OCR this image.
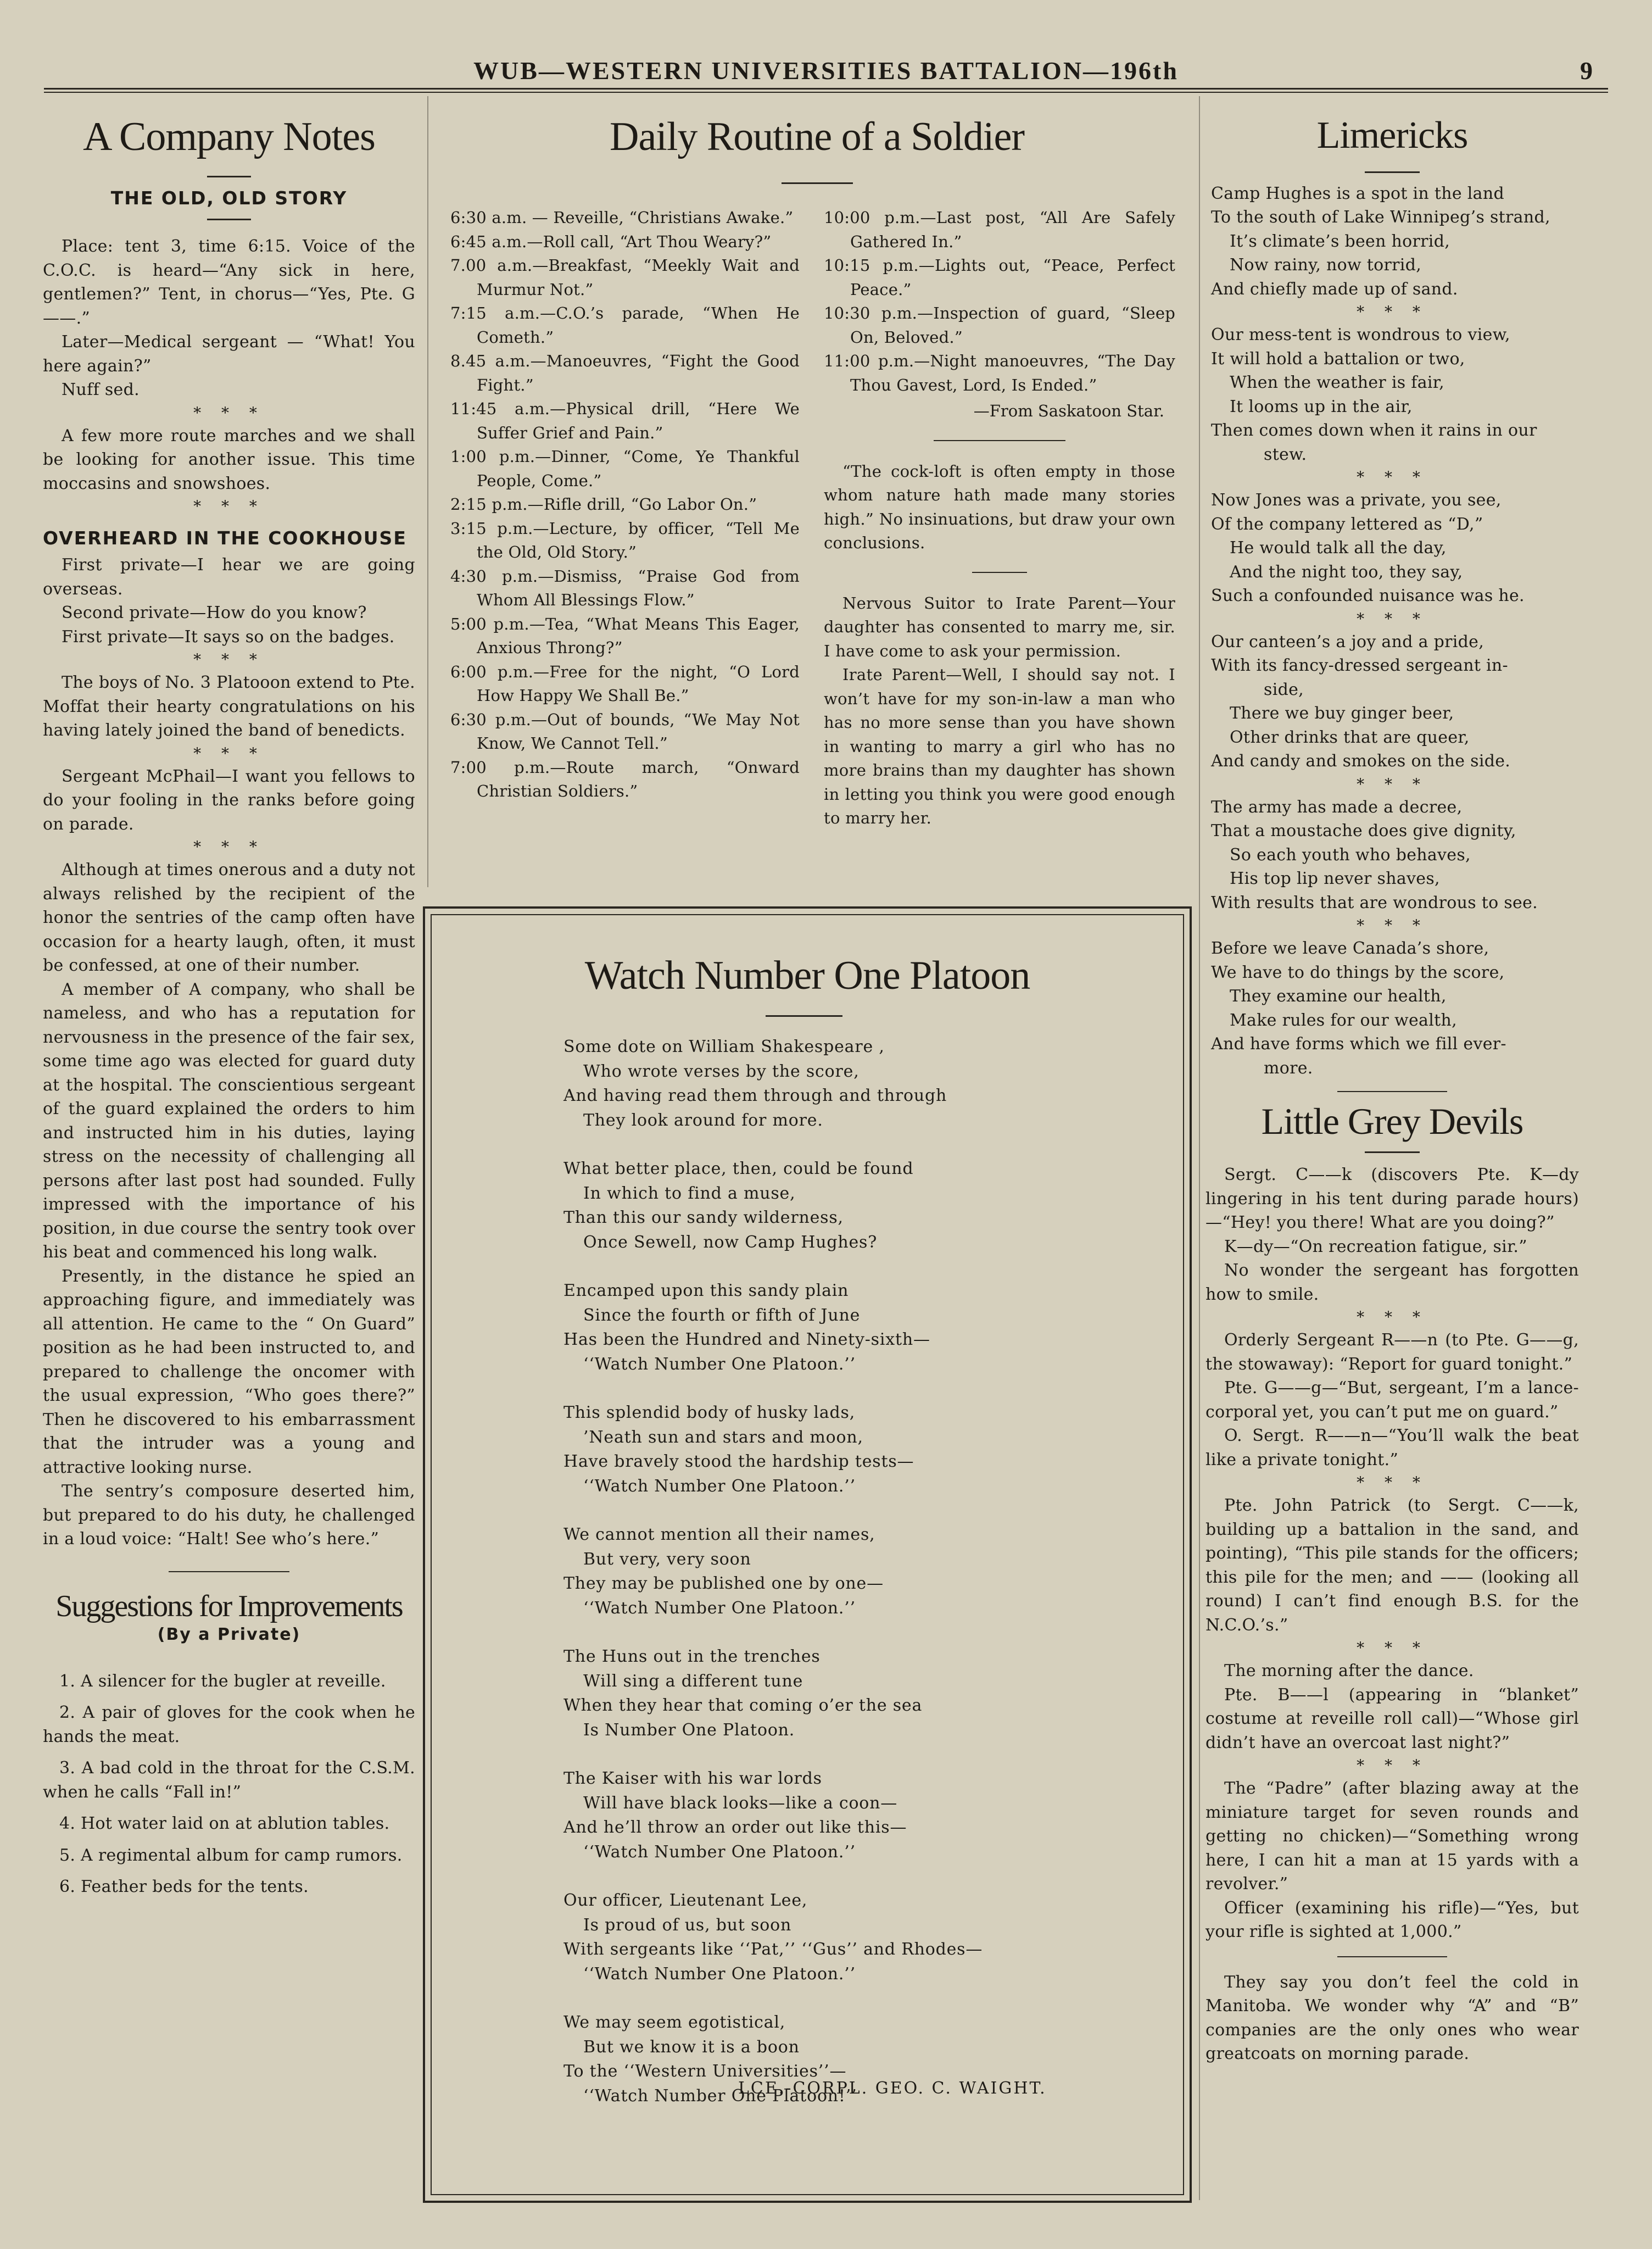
WUB—WESTERN UNIVERSITIES BATTALION—196th	9
A Company Notes
THE OLD, OLD STORY

Place: tent 3, time 6:15. Voice of the C.O.C. is heard—“Any sick in here, gentlemen?” Tent, in chorus—“Yes, Pte. G——.”

Later—Medical sergeant — “What! You here again?”

Nuff sed.

* * *

A few more route marches and we shall be looking for another issue. This time moccasins and snowshoes.

* * *
OVERHEARD IN THE COOKHOUSE

First private—I hear we are going overseas.

Second private—How do you know?

First private—It says so on the badges.

* * *

The boys of No. 3 Platooon extend to Pte. Moffat their hearty congratulations on his having lately joined the band of benedicts.

* * *

Sergeant McPhail—I want you fellows to do your fooling in the ranks before going on parade.

* * *

Although at times onerous and a duty not always relished by the recipient of the honor the sentries of the camp often have occasion for a hearty laugh, often, it must be confessed, at one of their number.

A member of A company, who shall be nameless, and who has a reputation for nervousness in the presence of the fair sex, some time ago was elected for guard duty at the hospital. The conscientious sergeant of the guard explained the orders to him and instructed him in his duties, laying stress on the necessity of challenging all persons after last post had sounded. Fully impressed with the importance of his position, in due course the sentry took over his beat and commenced his long walk.

Presently, in the distance he spied an approaching figure, and immediately was all attention. He came to the “ On Guard” position as he had been instructed to, and prepared to challenge the oncomer with the usual expression, “Who goes there?” Then he discovered to his embarrassment that the intruder was a young and attractive looking nurse.

The sentry’s composure deserted him, but prepared to do his duty, he challenged in a loud voice: “Halt! See who’s here.”

Suggestions for Improvements
(By a Private)
1. A silencer for the bugler at reveille.
2. A pair of gloves for the cook when he hands the meat.
3. A bad cold in the throat for the C.S.M. when he calls “Fall in!”
4. Hot water laid on at ablution tables.
5. A regimental album for camp rumors.
6. Feather beds for the tents.
Daily Routine of a Soldier
6:30 a.m. — Reveille, “Christians Awake.”
6:45 a.m.—Roll call, “Art Thou Weary?”
7.00 a.m.—Breakfast, “Meekly Wait and Murmur Not.”
7:15 a.m.—C.O.’s parade, “When He Cometh.”
8.45 a.m.—Manoeuvres, “Fight the Good Fight.”
11:45 a.m.—Physical drill, “Here We Suffer Grief and Pain.”
1:00 p.m.—Dinner, “Come, Ye Thankful People, Come.”
2:15 p.m.—Rifle drill, “Go Labor On.”
3:15 p.m.—Lecture, by officer, “Tell Me the Old, Old Story.”
4:30 p.m.—Dismiss, “Praise God from Whom All Blessings Flow.”
5:00 p.m.—Tea, “What Means This Eager, Anxious Throng?”
6:00 p.m.—Free for the night, “O Lord How Happy We Shall Be.”
6:30 p.m.—Out of bounds, “We May Not Know, We Cannot Tell.”
7:00 p.m.—Route march, “Onward Christian Soldiers.”
10:00 p.m.—Last post, “All Are Safely Gathered In.”
10:15 p.m.—Lights out, “Peace, Perfect Peace.”
10:30 p.m.—Inspection of guard, “Sleep On, Beloved.”
11:00 p.m.—Night manoeuvres, “The Day Thou Gavest, Lord, Is Ended.”
—From Saskatoon Star.

“The cock-loft is often empty in those whom nature hath made many stories high.” No insinuations, but draw your own conclusions.

Nervous Suitor to Irate Parent—Your daughter has consented to marry me, sir. I have come to ask your permission.

Irate Parent—Well, I should say not. I won’t have for my son-in-law a man who has no more sense than you have shown in wanting to marry a girl who has no more brains than my daughter has shown in letting you think you were good enough to marry her.

Watch Number One Platoon
Some dote on William Shakespeare ,
Who wrote verses by the score,
And having read them through and through
They look around for more.
What better place, then, could be found
In which to find a muse,
Than this our sandy wilderness,
Once Sewell, now Camp Hughes?
Encamped upon this sandy plain
Since the fourth or fifth of June
Has been the Hundred and Ninety-sixth—
‘‘Watch Number One Platoon.’’
This splendid body of husky lads,
’Neath sun and stars and moon,
Have bravely stood the hardship tests—
‘‘Watch Number One Platoon.’’
We cannot mention all their names,
But very, very soon
They may be published one by one—
‘‘Watch Number One Platoon.’’
The Huns out in the trenches
Will sing a different tune
When they hear that coming o’er the sea
Is Number One Platoon.
The Kaiser with his war lords
Will have black looks—like a coon—
And he’ll throw an order out like this—
‘‘Watch Number One Platoon.’’
Our officer, Lieutenant Lee,
Is proud of us, but soon
With sergeants like ‘‘Pat,’’ ‘‘Gus’’ and Rhodes—
‘‘Watch Number One Platoon.’’
We may seem egotistical,
But we know it is a boon
To the ‘‘Western Universities’’—
‘‘Watch Number One Platoon!’’
LCE.-CORPL. GEO. C. WAIGHT.
Limericks
Camp Hughes is a spot in the land
To the south of Lake Winnipeg’s strand,
It’s climate’s been horrid,
Now rainy, now torrid,
And chiefly made up of sand.
* * *
Our mess-tent is wondrous to view,
It will hold a battalion or two,
When the weather is fair,
It looms up in the air,
Then comes down when it rains in our
stew.
* * *
Now Jones was a private, you see,
Of the company lettered as “D,”
He would talk all the day,
And the night too, they say,
Such a confounded nuisance was he.
* * *
Our canteen’s a joy and a pride,
With its fancy-dressed sergeant in-
side,
There we buy ginger beer,
Other drinks that are queer,
And candy and smokes on the side.
* * *
The army has made a decree,
That a moustache does give dignity,
So each youth who behaves,
His top lip never shaves,
With results that are wondrous to see.
* * *
Before we leave Canada’s shore,
We have to do things by the score,
They examine our health,
Make rules for our wealth,
And have forms which we fill ever-
more.
Little Grey Devils

Sergt. C——k (discovers Pte. K—dy lingering in his tent during parade hours)—“Hey! you there! What are you doing?”

K—dy—“On recreation fatigue, sir.”

No wonder the sergeant has forgotten how to smile.

* * *

Orderly Sergeant R——n (to Pte. G——g, the stowaway): “Report for guard tonight.”

Pte. G——g—“But, sergeant, I’m a lance-corporal yet, you can’t put me on guard.”

O. Sergt. R——n—“You’ll walk the beat like a private tonight.”

* * *

Pte. John Patrick (to Sergt. C——k, building up a battalion in the sand, and pointing), “This pile stands for the officers; this pile for the men; and —— (looking all round) I can’t find enough B.S. for the N.C.O.’s.”

* * *

The morning after the dance.

Pte. B——l (appearing in “blanket” costume at reveille roll call)—“Whose girl didn’t have an overcoat last night?”

* * *

The “Padre” (after blazing away at the miniature target for seven rounds and getting no chicken)—“Something wrong here, I can hit a man at 15 yards with a revolver.”

Officer (examining his rifle)—“Yes, but your rifle is sighted at 1,000.”

They say you don’t feel the cold in Manitoba. We wonder why “A” and “B” companies are the only ones who wear greatcoats on morning parade.
